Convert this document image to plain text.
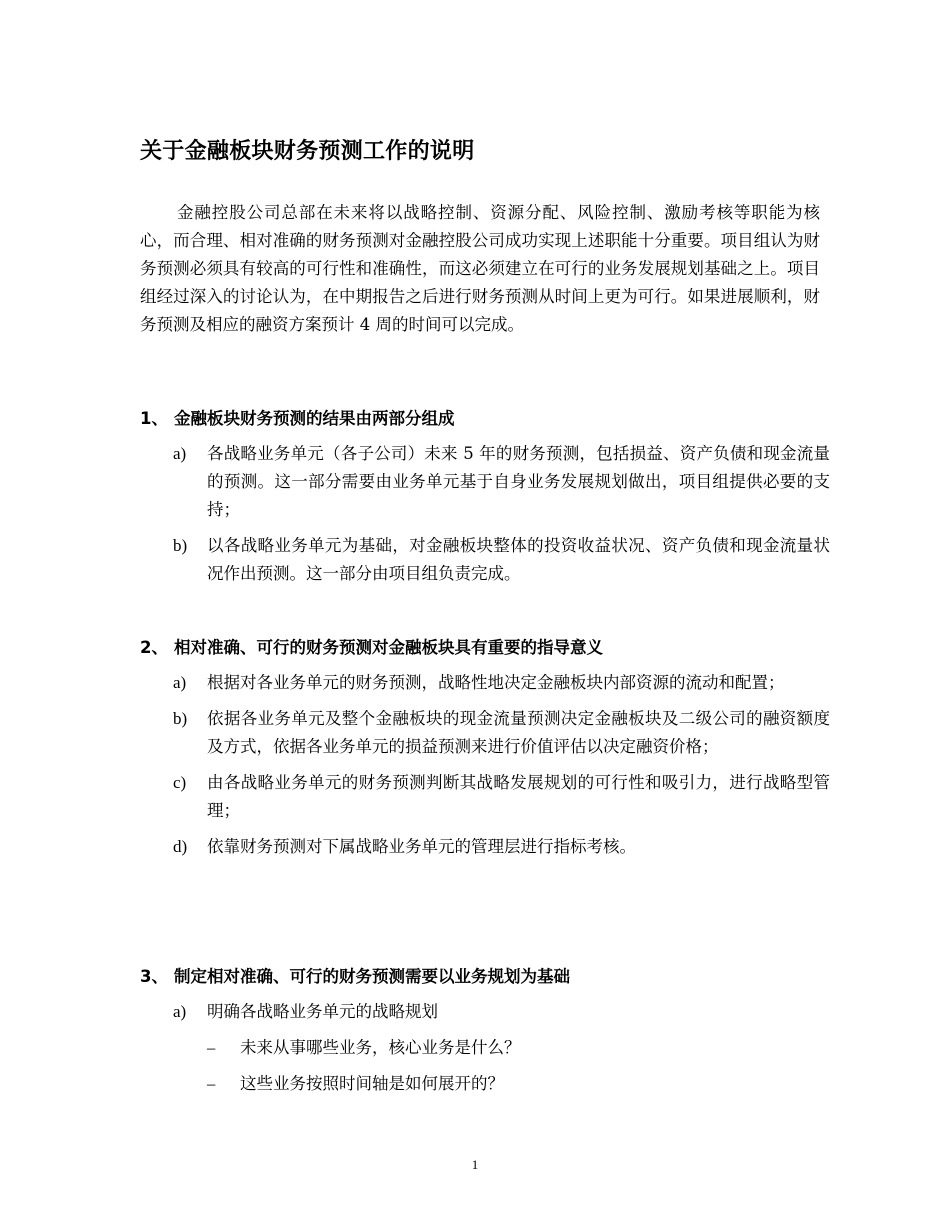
关于金融板块财务预测工作的说明

金融控股公司总部在未来将以战略控制、资源分配、风险控制、激励考核等职能为核心，而合理、相对准确的财务预测对金融控股公司成功实现上述职能十分重要。项目组认为财务预测必须具有较高的可行性和准确性，而这必须建立在可行的业务发展规划基础之上。项目组经过深入的讨论认为，在中期报告之后进行财务预测从时间上更为可行。如果进展顺利，财务预测及相应的融资方案预计 4 周的时间可以完成。

1、 金融板块财务预测的结果由两部分组成
a)	各战略业务单元（各子公司）未来 5 年的财务预测，包括损益、资产负债和现金流量的预测。这一部分需要由业务单元基于自身业务发展规划做出，项目组提供必要的支持；
b)	以各战略业务单元为基础，对金融板块整体的投资收益状况、资产负债和现金流量状况作出预测。这一部分由项目组负责完成。
2、 相对准确、可行的财务预测对金融板块具有重要的指导意义
a)	根据对各业务单元的财务预测，战略性地决定金融板块内部资源的流动和配置；
b)	依据各业务单元及整个金融板块的现金流量预测决定金融板块及二级公司的融资额度及方式，依据各业务单元的损益预测来进行价值评估以决定融资价格；
c)	由各战略业务单元的财务预测判断其战略发展规划的可行性和吸引力，进行战略型管理；
d)	依靠财务预测对下属战略业务单元的管理层进行指标考核。
3、 制定相对准确、可行的财务预测需要以业务规划为基础
a)	明确各战略业务单元的战略规划
–	未来从事哪些业务，核心业务是什么？
–	这些业务按照时间轴是如何展开的？
1
